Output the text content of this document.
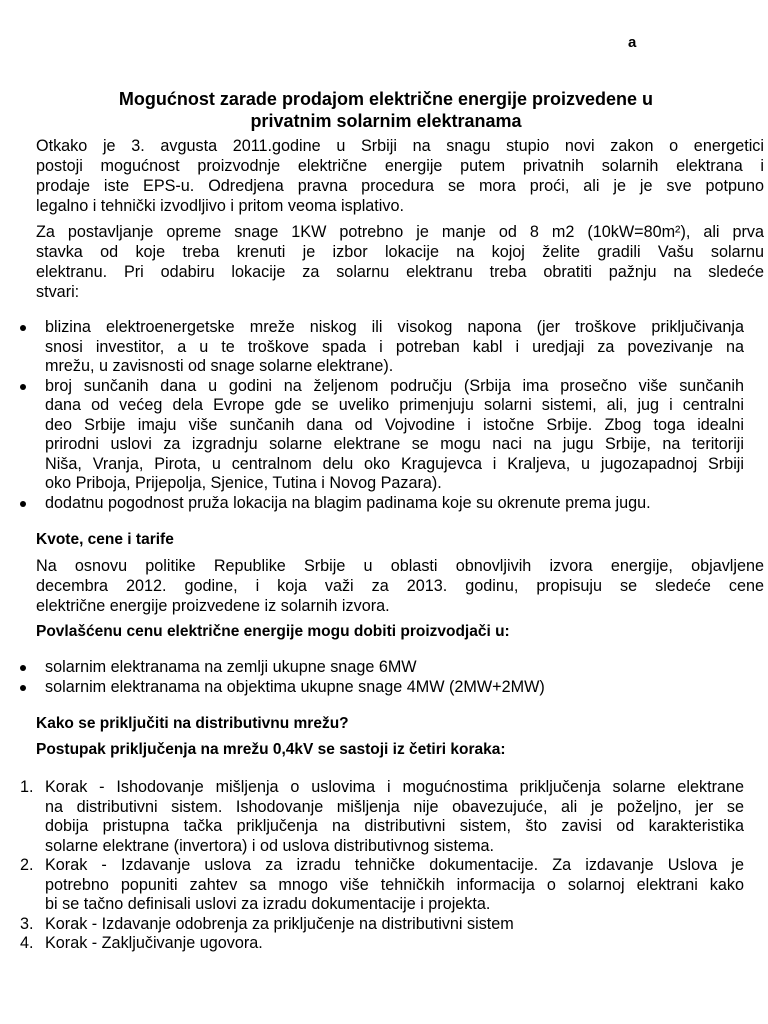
a
Mogućnost zarade prodajom električne energije proizvedene u
privatnim solarnim elektranama
Otkako je 3. avgusta 2011.godine u Srbiji na snagu stupio novi zakon o energetici
postoji mogućnost proizvodnje električne energije putem privatnih solarnih elektrana i
prodaje iste EPS-u. Odredjena pravna procedura se mora proći, ali je je sve potpuno
legalno i tehnički izvodljivo i pritom veoma isplativo.
Za postavljanje opreme snage 1KW potrebno je manje od 8 m2 (10kW=80m²), ali prva
stavka od koje treba krenuti je izbor lokacije na kojoj želite gradili Vašu solarnu
elektranu. Pri odabiru lokacije za solarnu elektranu treba obratiti pažnju na sledeće
stvari:
blizina elektroenergetske mreže niskog ili visokog napona (jer troškove priključivanja
snosi investitor, a u te troškove spada i potreban kabl i uredjaji za povezivanje na
mrežu, u zavisnosti od snage solarne elektrane).
broj sunčanih dana u godini na željenom području (Srbija ima prosečno više sunčanih
dana od većeg dela Evrope gde se uveliko primenjuju solarni sistemi, ali, jug i centralni
deo Srbije imaju više sunčanih dana od Vojvodine i istočne Srbije. Zbog toga idealni
prirodni uslovi za izgradnju solarne elektrane se mogu naci na jugu Srbije, na teritoriji
Niša, Vranja, Pirota, u centralnom delu oko Kragujevca i Kraljeva, u jugozapadnoj Srbiji
oko Priboja, Prijepolja, Sjenice, Tutina i Novog Pazara).
dodatnu pogodnost pruža lokacija na blagim padinama koje su okrenute prema jugu.
Kvote, cene i tarife
Na osnovu politike Republike Srbije u oblasti obnovljivih izvora energije, objavljene
decembra 2012. godine, i koja važi za 2013. godinu, propisuju se sledeće cene
električne energije proizvedene iz solarnih izvora.
Povlašćenu cenu električne energije mogu dobiti proizvodjači u:
solarnim elektranama na zemlji ukupne snage 6MW
solarnim elektranama na objektima ukupne snage 4MW (2MW+2MW)
Kako se priključiti na distributivnu mrežu?
Postupak priključenja na mrežu 0,4kV se sastoji iz četiri koraka:
1. Korak - Ishodovanje mišljenja o uslovima i mogućnostima priključenja solarne elektrane
na distributivni sistem. Ishodovanje mišljenja nije obavezujuće, ali je poželjno, jer se
dobija pristupna tačka priključenja na distributivni sistem, što zavisi od karakteristika
solarne elektrane (invertora) i od uslova distributivnog sistema.
2. Korak - Izdavanje uslova za izradu tehničke dokumentacije. Za izdavanje Uslova je
potrebno popuniti zahtev sa mnogo više tehničkih informacija o solarnoj elektrani kako
bi se tačno definisali uslovi za izradu dokumentacije i projekta.
3. Korak - Izdavanje odobrenja za priključenje na distributivni sistem
4. Korak - Zaključivanje ugovora.
